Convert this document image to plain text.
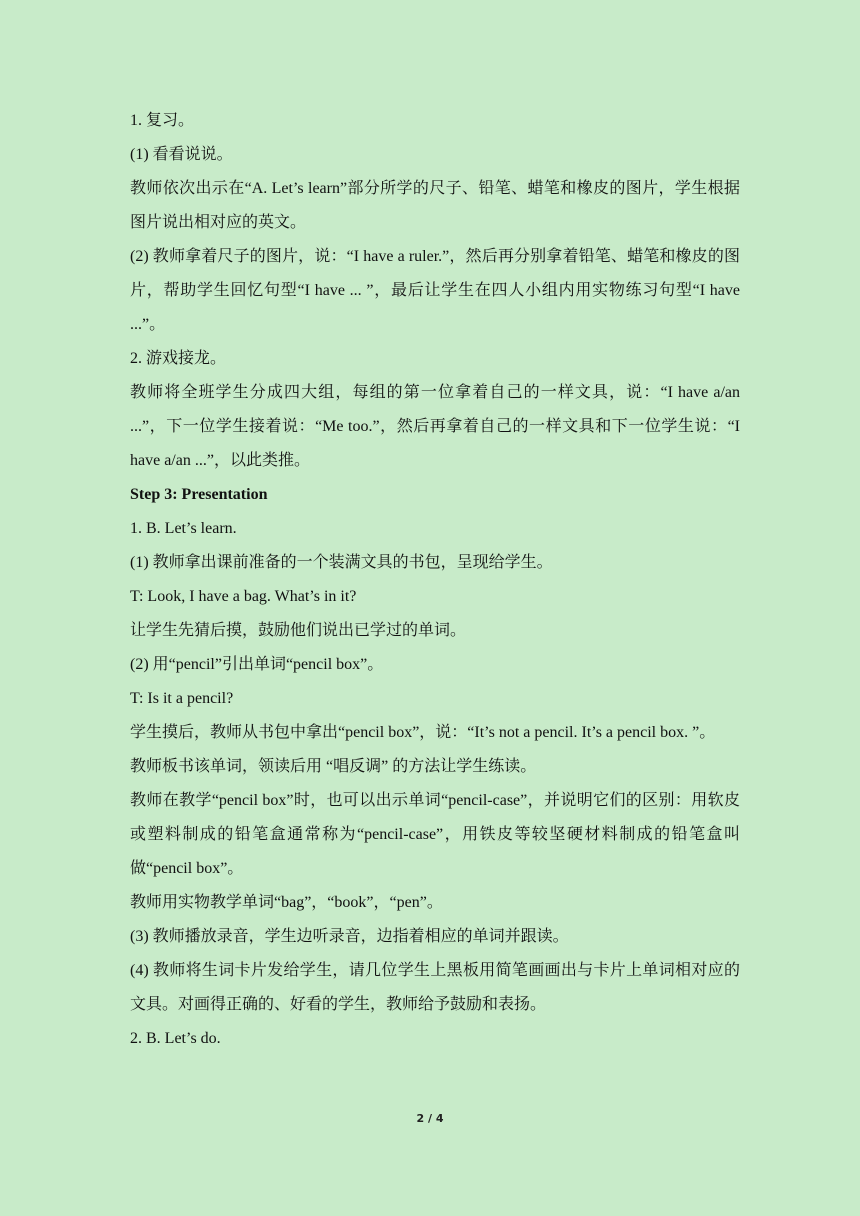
1. 复习。

(1) 看看说说。

教师依次出示在“A. Let’s learn”部分所学的尺子、铅笔、蜡笔和橡皮的图片，学生根据图片说出相对应的英文。

(2) 教师拿着尺子的图片，说：“I have a ruler.”，然后再分别拿着铅笔、蜡笔和橡皮的图片，帮助学生回忆句型“I have ... ”，最后让学生在四人小组内用实物练习句型“I have ...”。

2. 游戏接龙。

教师将全班学生分成四大组，每组的第一位拿着自己的一样文具，说：“I have a/an ...”，下一位学生接着说：“Me too.”，然后再拿着自己的一样文具和下一位学生说：“I have a/an ...”，以此类推。

Step 3: Presentation

1. B. Let’s learn.

(1) 教师拿出课前准备的一个装满文具的书包，呈现给学生。

T: Look, I have a bag. What’s in it?

让学生先猜后摸，鼓励他们说出已学过的单词。

(2) 用“pencil”引出单词“pencil box”。

T: Is it a pencil?

学生摸后，教师从书包中拿出“pencil box”，说：“It’s not a pencil. It’s a pencil box. ”。

教师板书该单词，领读后用 “唱反调” 的方法让学生练读。

教师在教学“pencil box”时，也可以出示单词“pencil-case”，并说明它们的区别：用软皮或塑料制成的铅笔盒通常称为“pencil-case”，用铁皮等较坚硬材料制成的铅笔盒叫做“pencil box”。

教师用实物教学单词“bag”，“book”，“pen”。

(3) 教师播放录音，学生边听录音，边指着相应的单词并跟读。

(4) 教师将生词卡片发给学生，请几位学生上黑板用简笔画画出与卡片上单词相对应的文具。对画得正确的、好看的学生，教师给予鼓励和表扬。

2. B. Let’s do.

2 / 4
